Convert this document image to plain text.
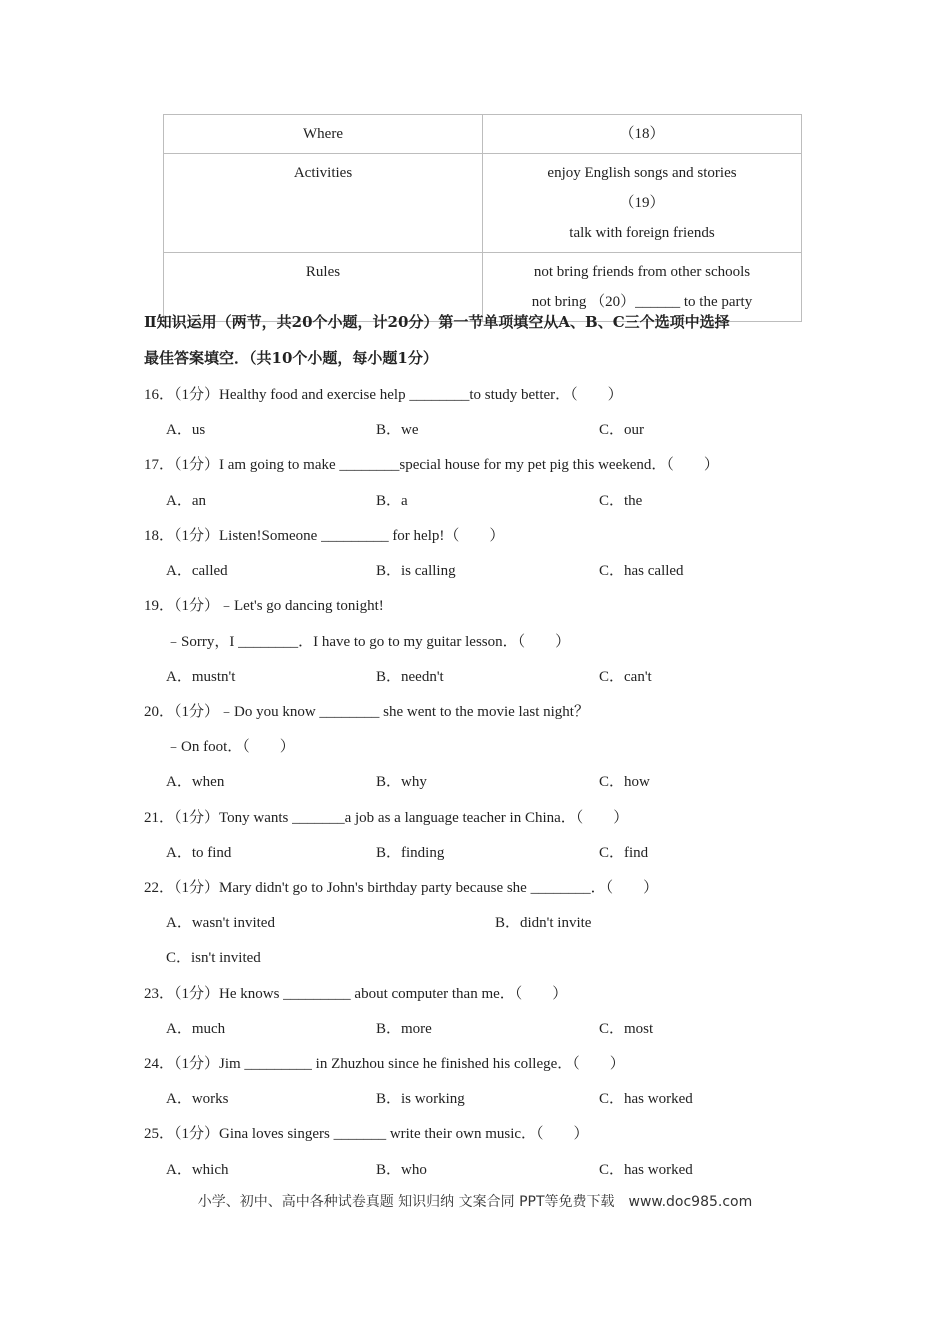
Where	（18）

Activities	enjoy English songs and stories
（19）
talk with foreign friends

Rules	not bring friends from other schools
not bring （20）______ to the party
Ⅱ知识运用（两节，共20个小题，计20分）第一节单项填空从A、B、C三个选项中选择
最佳答案填空．（共10个小题，每小题1分）
16．（1分）Healthy food and exercise help ________to study better．（　　）
A．us	B．we	C．our
17．（1分）I am going to make ________special house for my pet pig this weekend．（　　）
A．an	B．a	C．the
18．（1分）Listen!Someone _________ for help!（　　）
A．called	B．is calling	C．has called
19．（1分）﹣Let's go dancing tonight!
﹣Sorry，I ________．I have to go to my guitar lesson．（　　）
A．mustn't	B．needn't	C．can't
20．（1分）﹣Do you know ________ she went to the movie last night？
﹣On foot．（　　）
A．when	B．why	C．how
21．（1分）Tony wants _______a job as a language teacher in China．（　　）
A．to find	B．finding	C．find
22．（1分）Mary didn't go to John's birthday party because she ________．（　　）
A．wasn't invited	B．didn't invite
C．isn't invited
23．（1分）He knows _________ about computer than me．（　　）
A．much	B．more	C．most
24．（1分）Jim _________ in Zhuzhou since he finished his college．（　　）
A．works	B．is working	C．has worked
25．（1分）Gina loves singers _______ write their own music．（　　）
A．which	B．who	C．has worked
小学、初中、高中各种试卷真题 知识归纳 文案合同 PPT等免费下载　www.doc985.com
